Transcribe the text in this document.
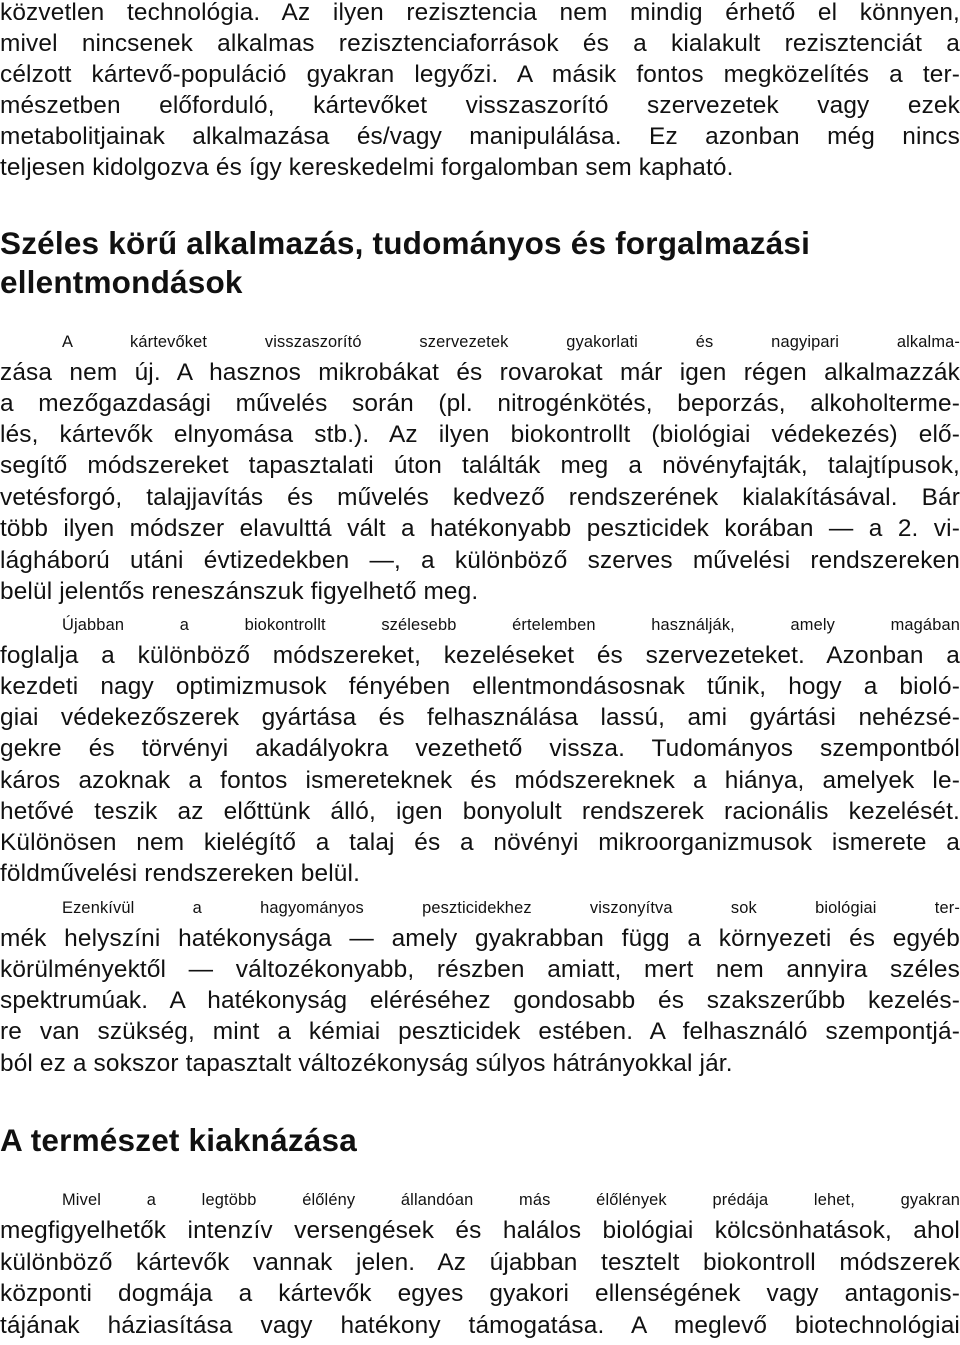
közvetlen technológia. Az ilyen rezisztencia nem mindig érhető el könnyen,

mivel nincsenek alkalmas rezisztenciaforrások és a kialakult rezisztenciát a

célzott kártevő-populáció gyakran legyőzi. A másik fontos megközelítés a ter-

mészetben előforduló, kártevőket visszaszorító szervezetek vagy ezek

metabolitjainak alkalmazása és/vagy manipulálása. Ez azonban még nincs

teljesen kidolgozva és így kereskedelmi forgalomban sem kapható.

Széles körű alkalmazás, tudományos és forgalmazási
ellentmondások

A kártevőket visszaszorító szervezetek gyakorlati és nagyipari alkalma-

zása nem új. A hasznos mikrobákat és rovarokat már igen régen alkalmazzák

a mezőgazdasági művelés során (pl. nitrogénkötés, beporzás, alkoholterme-

lés, kártevők elnyomása stb.). Az ilyen biokontrollt (biológiai védekezés) elő-

segítő módszereket tapasztalati úton találták meg a növényfajták, talajtípusok,

vetésforgó, talajjavítás és művelés kedvező rendszerének kialakításával. Bár

több ilyen módszer elavulttá vált a hatékonyabb peszticidek korában — a 2. vi-

lágháború utáni évtizedekben —, a különböző szerves művelési rendszereken

belül jelentős reneszánszuk figyelhető meg.

Újabban a biokontrollt szélesebb értelemben használják, amely magában

foglalja a különböző módszereket, kezeléseket és szervezeteket. Azonban a

kezdeti nagy optimizmusok fényében ellentmondásosnak tűnik, hogy a bioló-

giai védekezőszerek gyártása és felhasználása lassú, ami gyártási nehézsé-

gekre és törvényi akadályokra vezethető vissza. Tudományos szempontból

káros azoknak a fontos ismereteknek és módszereknek a hiánya, amelyek le-

hetővé teszik az előttünk álló, igen bonyolult rendszerek racionális kezelését.

Különösen nem kielégítő a talaj és a növényi mikroorganizmusok ismerete a

földművelési rendszereken belül.

Ezenkívül a hagyományos peszticidekhez viszonyítva sok biológiai ter-

mék helyszíni hatékonysága — amely gyakrabban függ a környezeti és egyéb

körülményektől — változékonyabb, részben amiatt, mert nem annyira széles

spektrumúak. A hatékonyság eléréséhez gondosabb és szakszerűbb kezelés-

re van szükség, mint a kémiai peszticidek estében. A felhasználó szempontjá-

ból ez a sokszor tapasztalt változékonyság súlyos hátrányokkal jár.

A természet kiaknázása

Mivel a legtöbb élőlény állandóan más élőlények prédája lehet, gyakran

megfigyelhetők intenzív versengések és halálos biológiai kölcsönhatások, ahol

különböző kártevők vannak jelen. Az újabban tesztelt biokontroll módszerek

központi dogmája a kártevők egyes gyakori ellenségének vagy antagonis-

tájának háziasítása vagy hatékony támogatása. A meglevő biotechnológiai
